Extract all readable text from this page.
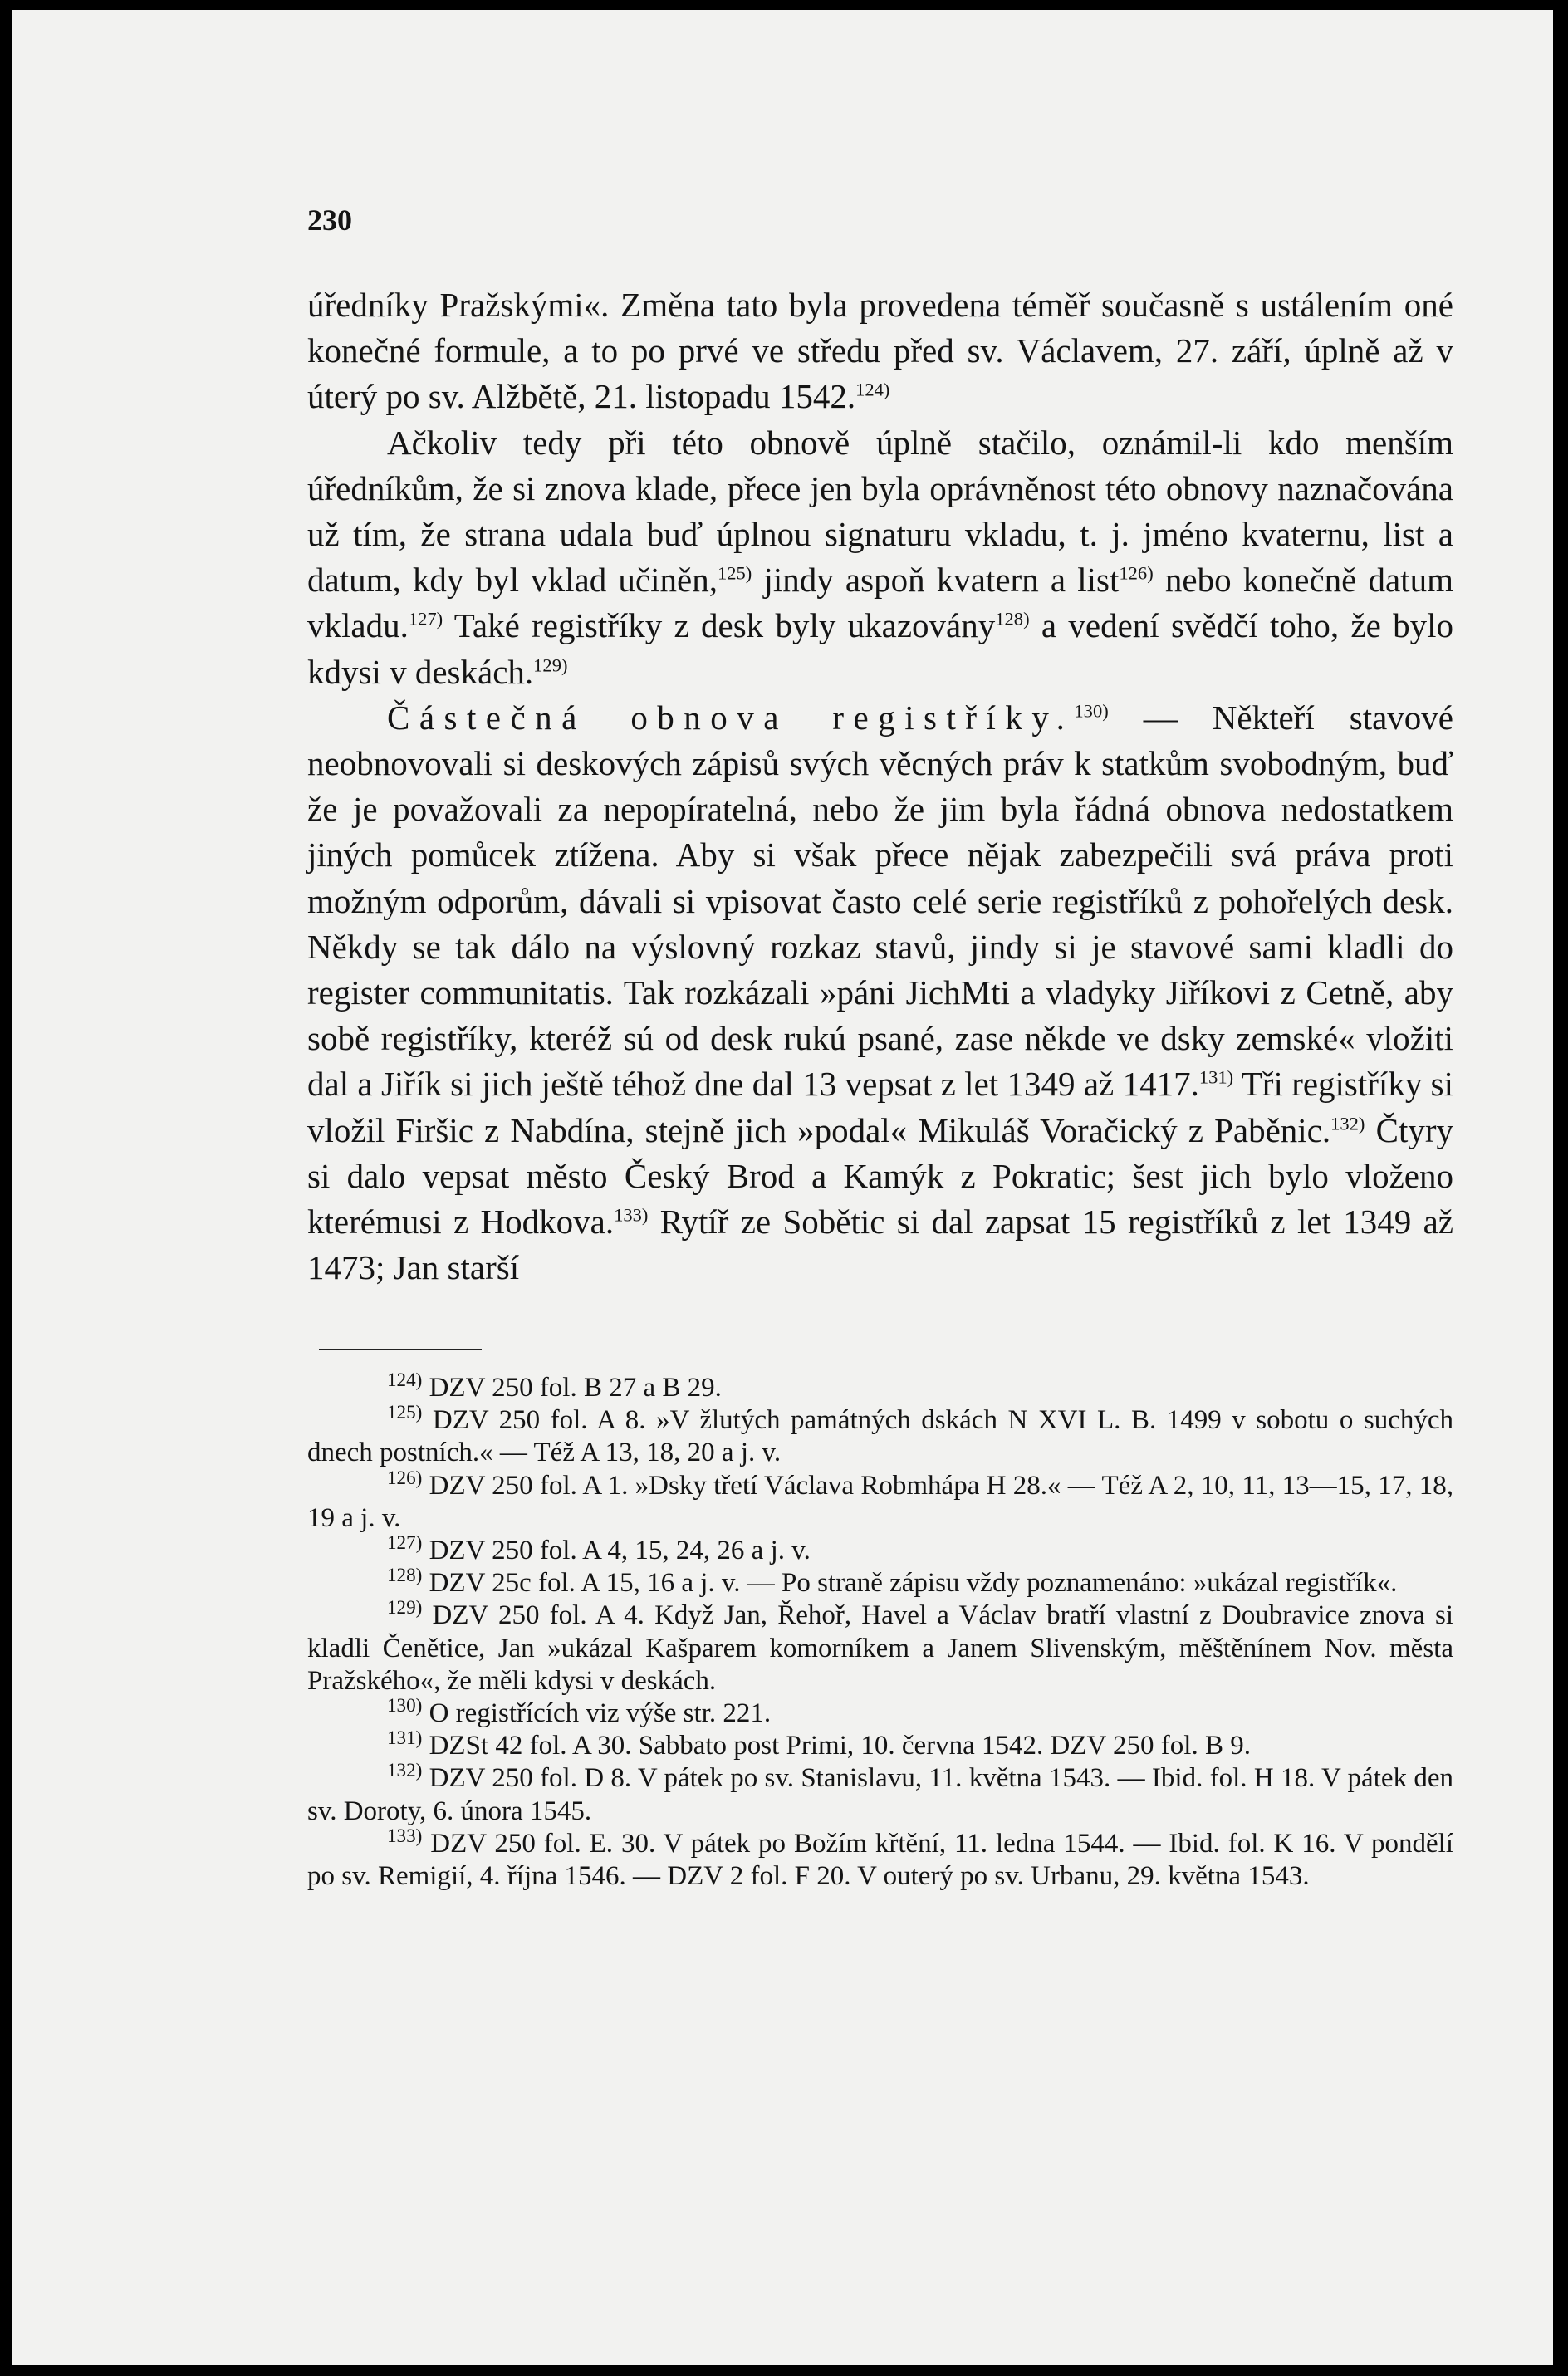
230

úředníky Pražskými«. Změna tato byla provedena téměř současně s ustálením oné konečné formule, a to po prvé ve středu před sv. Václavem, 27. září, úplně až v úterý po sv. Alžbětě, 21. listopadu 1542.$^{124)}$

Ačkoliv tedy při této obnově úplně stačilo, oznámil-li kdo menším úředníkům, že si znova klade, přece jen byla oprávněnost této obnovy naznačována už tím, že strana udala buď úplnou signaturu vkladu, t. j. jméno kvaternu, list a datum, kdy byl vklad učiněn,$^{125)}$ jindy aspoň kvatern a list$^{126)}$ nebo konečně datum vkladu.$^{127)}$ Také registříky z desk byly ukazovány$^{128)}$ a vedení svědčí toho, že bylo kdysi v deskách.$^{129)}$

Částečná obnova registříky.$^{130)}$ — Někteří stavové neobnovovali si deskových zápisů svých věcných práv k statkům svobodným, buď že je považovali za nepopíratelná, nebo že jim byla řádná obnova nedostatkem jiných pomůcek ztížena. Aby si však přece nějak zabezpečili svá práva proti možným odporům, dávali si vpisovat často celé serie registříků z pohořelých desk. Někdy se tak dálo na výslovný rozkaz stavů, jindy si je stavové sami kladli do register communitatis. Tak rozkázali »páni JichMti a vladyky Jiříkovi z Cetně, aby sobě registříky, kteréž sú od desk rukú psané, zase někde ve dsky zemské« vložiti dal a Jiřík si jich ještě téhož dne dal 13 vepsat z let 1349 až 1417.$^{131)}$ Tři registříky si vložil Firšic z Nabdína, stejně jich »podal« Mikuláš Voračický z Paběnic.$^{132)}$ Čtyry si dalo vepsat město Český Brod a Kamýk z Pokratic; šest jich bylo vloženo kterémusi z Hodkova.$^{133)}$ Rytíř ze Sobětic si dal zapsat 15 registříků z let 1349 až 1473; Jan starší

$^{124)}$ DZV 250 fol. B 27 a B 29.

$^{125)}$ DZV 250 fol. A 8. »V žlutých památných dskách N XVI L. B. 1499 v sobotu o suchých dnech postních.« — Též A 13, 18, 20 a j. v.

$^{126)}$ DZV 250 fol. A 1. »Dsky třetí Václava Robmhápa H 28.« — Též A 2, 10, 11, 13—15, 17, 18, 19 a j. v.

$^{127)}$ DZV 250 fol. A 4, 15, 24, 26 a j. v.

$^{128)}$ DZV 25c fol. A 15, 16 a j. v. — Po straně zápisu vždy poznamenáno: »ukázal registřík«.

$^{129)}$ DZV 250 fol. A 4. Když Jan, Řehoř, Havel a Václav bratří vlastní z Doubravice znova si kladli Čenětice, Jan »ukázal Kašparem komorníkem a Janem Slivenským, měštěnínem Nov. města Pražského«, že měli kdysi v deskách.

$^{130)}$ O registřících viz výše str. 221.

$^{131)}$ DZSt 42 fol. A 30. Sabbato post Primi, 10. června 1542. DZV 250 fol. B 9.

$^{132)}$ DZV 250 fol. D 8. V pátek po sv. Stanislavu, 11. května 1543. — Ibid. fol. H 18. V pátek den sv. Doroty, 6. února 1545.

$^{133)}$ DZV 250 fol. E. 30. V pátek po Božím křtění, 11. ledna 1544. — Ibid. fol. K 16. V pondělí po sv. Remigií, 4. října 1546. — DZV 2 fol. F 20. V outerý po sv. Urbanu, 29. května 1543.
